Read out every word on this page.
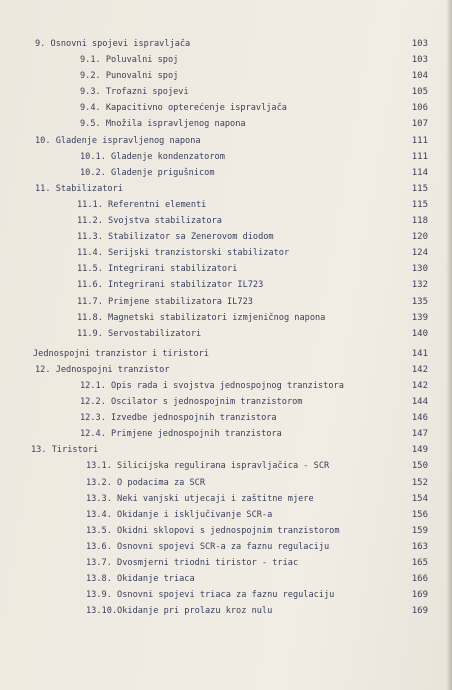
9. Osnovni spojevi ispravljača	103
9.1. Poluvalni spoj	103
9.2. Punovalni spoj	104
9.3. Trofazni spojevi	105
9.4. Kapacitivno opterećenje ispravljača	106
9.5. Množila ispravljenog napona	107
10. Gladenje ispravljenog napona	111
10.1. Gladenje kondenzatorom	111
10.2. Gladenje prigušnicom	114
11. Stabilizatori	115
11.1. Referentni elementi	115
11.2. Svojstva stabilizatora	118
11.3. Stabilizator sa Zenerovom diodom	120
11.4. Serijski tranzistorski stabilizator	124
11.5. Integrirani stabilizatori	130
11.6. Integrirani stabilizator IL723	132
11.7. Primjene stabilizatora IL723	135
11.8. Magnetski stabilizatori izmjeničnog napona	139
11.9. Servostabilizatori	140
Jednospojni tranzistor i tiristori	141
12. Jednospojni tranzistor	142
12.1. Opis rada i svojstva jednospojnog tranzistora	142
12.2. Oscilator s jednospojnim tranzistorom	144
12.3. Izvedbe jednospojnih tranzistora	146
12.4. Primjene jednospojnih tranzistora	147
13. Tiristori	149
13.1. Silicijska regulirana ispravljačica - SCR	150
13.2. O podacima za SCR	152
13.3. Neki vanjski utjecaji i zaštitne mjere	154
13.4. Okidanje i isključivanje SCR-a	156
13.5. Okidni sklopovi s jednospojnim tranzistorom	159
13.6. Osnovni spojevi SCR-a za faznu regulaciju	163
13.7. Dvosmjerni triodni tiristor - triac	165
13.8. Okidanje triaca	166
13.9. Osnovni spojevi triaca za faznu regulaciju	169
13.10.Okidanje pri prolazu kroz nulu	169
